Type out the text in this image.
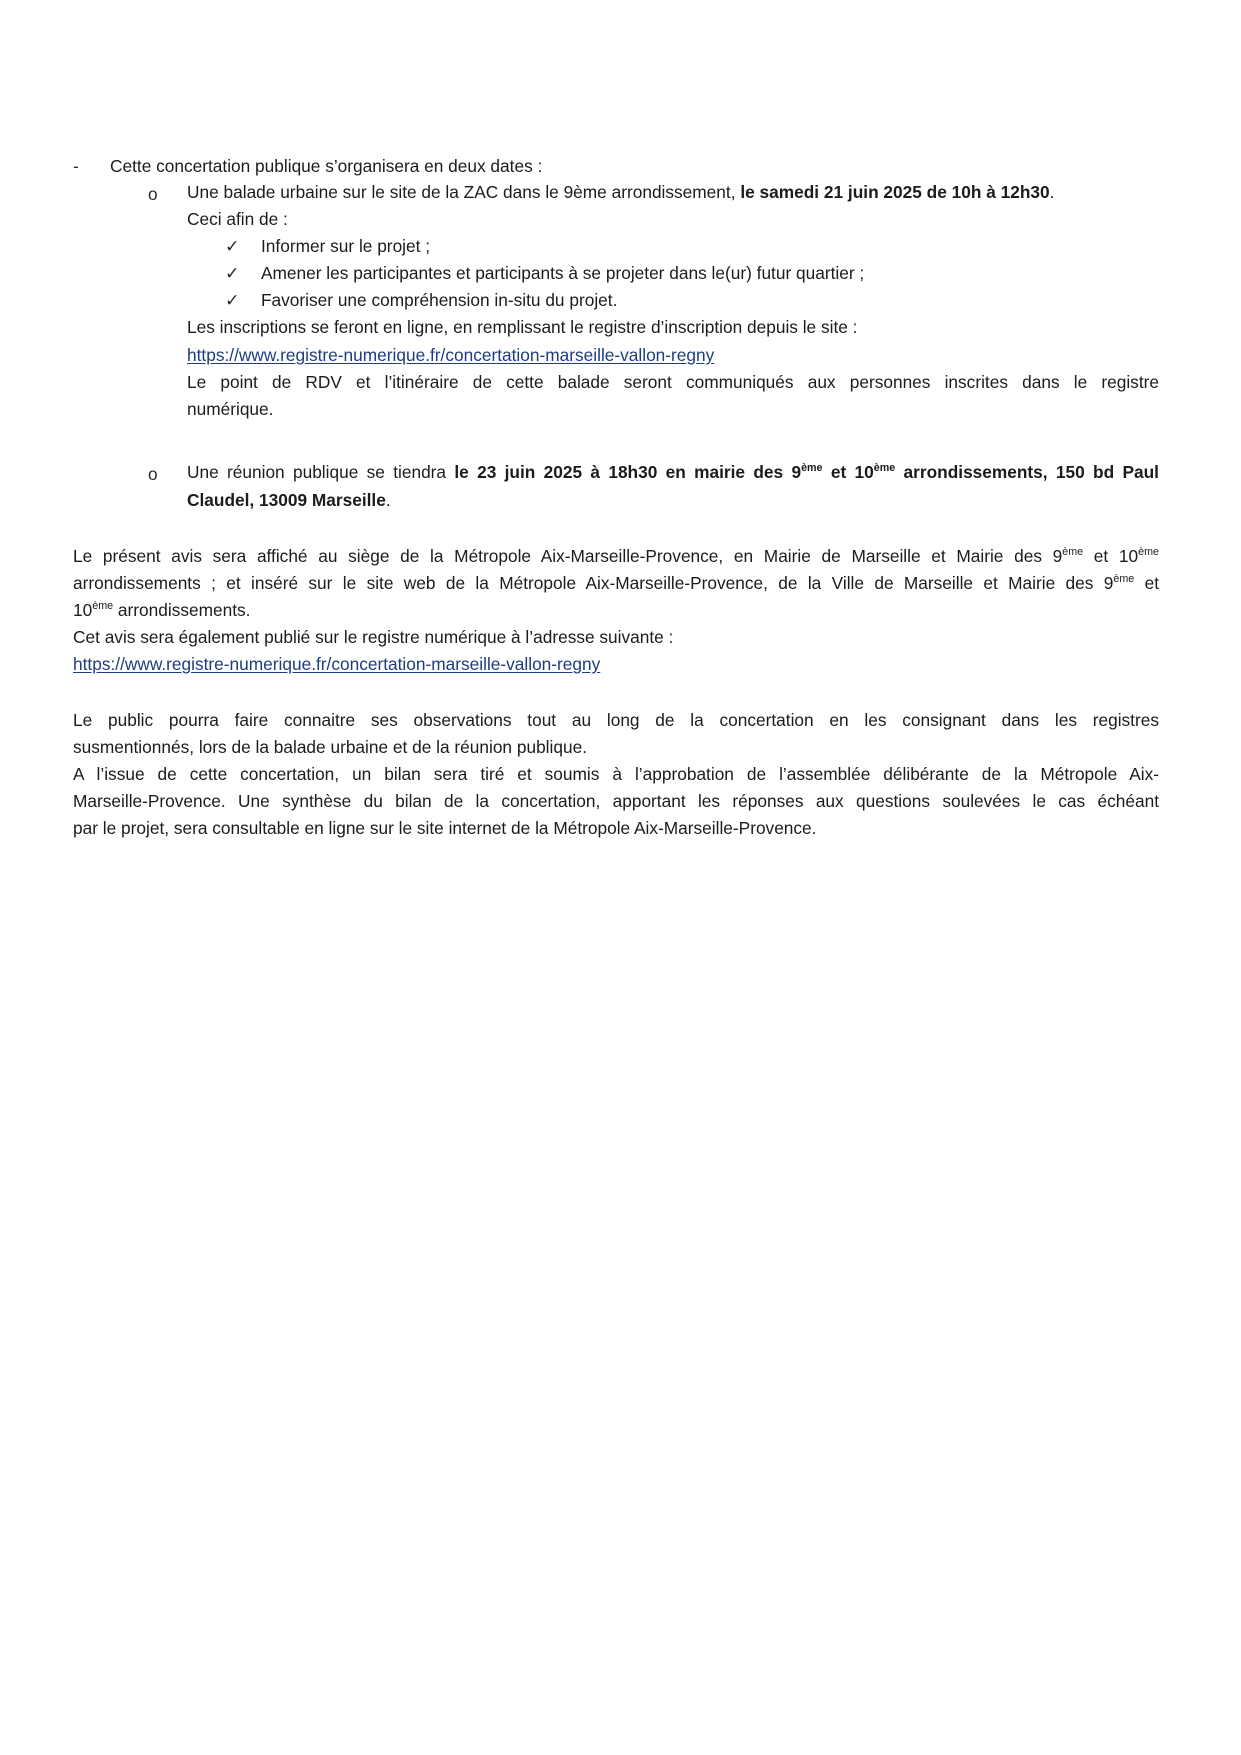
- Cette concertation publique s’organisera en deux dates :
o Une balade urbaine sur le site de la ZAC dans le 9ème arrondissement, le samedi 21 juin 2025 de 10h à 12h30.
Ceci afin de :
✓ Informer sur le projet ;
✓ Amener les participantes et participants à se projeter dans le(ur) futur quartier ;
✓ Favoriser une compréhension in-situ du projet.
Les inscriptions se feront en ligne, en remplissant le registre d’inscription depuis le site :
https://www.registre-numerique.fr/concertation-marseille-vallon-regny
Le point de RDV et l’itinéraire de cette balade seront communiqués aux personnes inscrites dans le registre
numérique.
o Une réunion publique se tiendra le 23 juin 2025 à 18h30 en mairie des 9ème et 10ème arrondissements, 150 bd Paul
Claudel, 13009 Marseille.
Le présent avis sera affiché au siège de la Métropole Aix-Marseille-Provence, en Mairie de Marseille et Mairie des 9ème et 10ème
arrondissements ; et inséré sur le site web de la Métropole Aix-Marseille-Provence, de la Ville de Marseille et Mairie des 9ème et
10ème arrondissements.
Cet avis sera également publié sur le registre numérique à l’adresse suivante :
https://www.registre-numerique.fr/concertation-marseille-vallon-regny
Le public pourra faire connaitre ses observations tout au long de la concertation en les consignant dans les registres
susmentionnés, lors de la balade urbaine et de la réunion publique.
A l’issue de cette concertation, un bilan sera tiré et soumis à l’approbation de l’assemblée délibérante de la Métropole Aix-
Marseille-Provence. Une synthèse du bilan de la concertation, apportant les réponses aux questions soulevées le cas échéant
par le projet, sera consultable en ligne sur le site internet de la Métropole Aix-Marseille-Provence.
